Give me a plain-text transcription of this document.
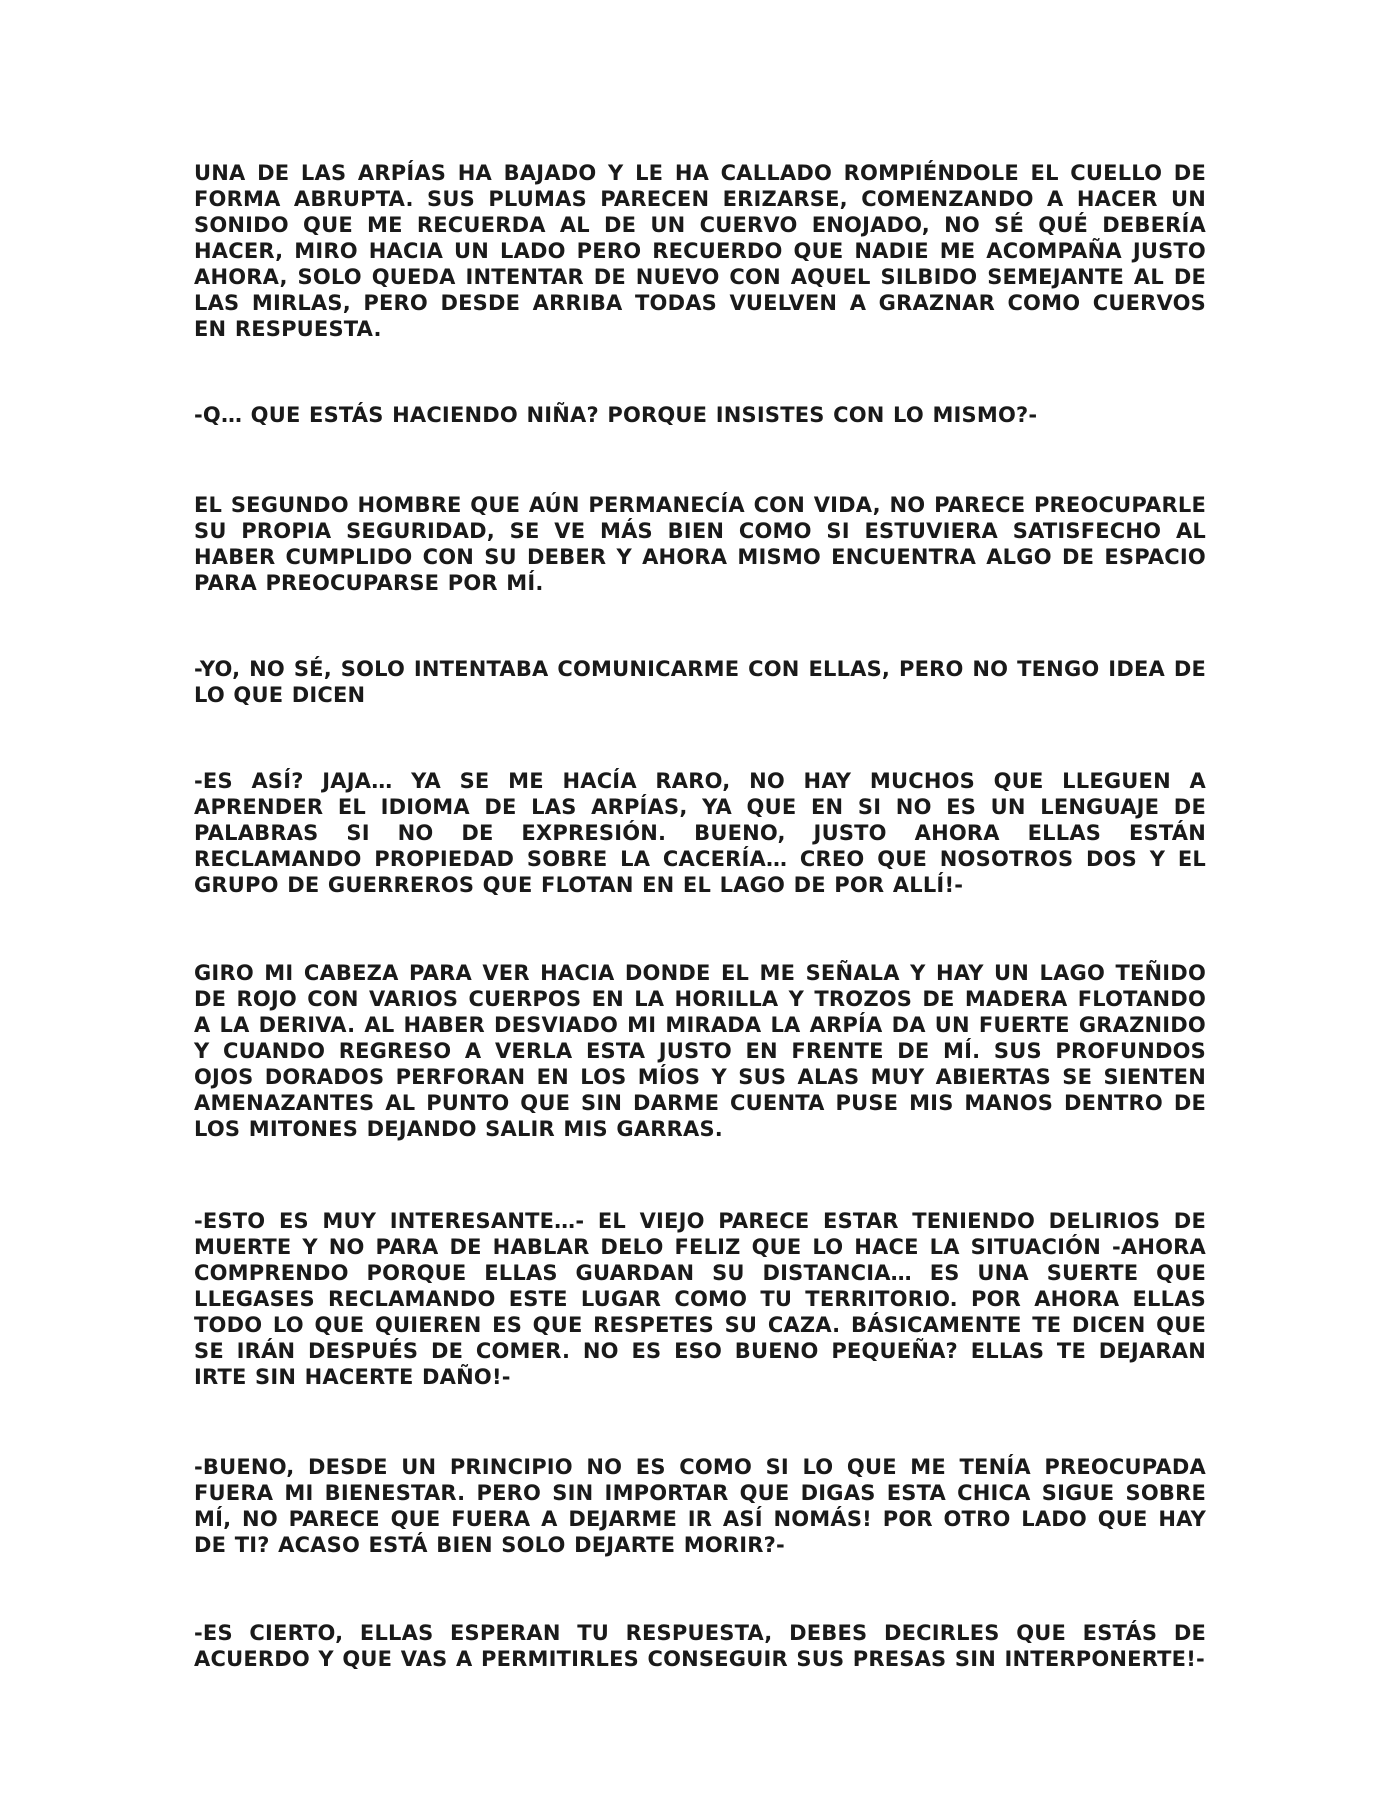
UNA DE LAS ARPÍAS HA BAJADO Y LE HA CALLADO ROMPIÉNDOLE EL CUELLO DE FORMA ABRUPTA. SUS PLUMAS PARECEN ERIZARSE, COMENZANDO A HACER UN SONIDO QUE ME RECUERDA AL DE UN CUERVO ENOJADO, NO SÉ QUÉ DEBERÍA HACER, MIRO HACIA UN LADO PERO RECUERDO QUE NADIE ME ACOMPAÑA JUSTO AHORA, SOLO QUEDA INTENTAR DE NUEVO CON AQUEL SILBIDO SEMEJANTE AL DE LAS MIRLAS, PERO DESDE ARRIBA TODAS VUELVEN A GRAZNAR COMO CUERVOS EN RESPUESTA.

-Q… QUE ESTÁS HACIENDO NIÑA? PORQUE INSISTES CON LO MISMO?-

EL SEGUNDO HOMBRE QUE AÚN PERMANECÍA CON VIDA, NO PARECE PREOCUPARLE SU PROPIA SEGURIDAD, SE VE MÁS BIEN COMO SI ESTUVIERA SATISFECHO AL HABER CUMPLIDO CON SU DEBER Y AHORA MISMO ENCUENTRA ALGO DE ESPACIO PARA PREOCUPARSE POR MÍ.

-YO, NO SÉ, SOLO INTENTABA COMUNICARME CON ELLAS, PERO NO TENGO IDEA DE LO QUE DICEN

-ES ASÍ? JAJA… YA SE ME HACÍA RARO, NO HAY MUCHOS QUE LLEGUEN A APRENDER EL IDIOMA DE LAS ARPÍAS, YA QUE EN SI NO ES UN LENGUAJE DE PALABRAS SI NO DE EXPRESIÓN. BUENO, JUSTO AHORA ELLAS ESTÁN RECLAMANDO PROPIEDAD SOBRE LA CACERÍA… CREO QUE NOSOTROS DOS Y EL GRUPO DE GUERREROS QUE FLOTAN EN EL LAGO DE POR ALLÍ!-

GIRO MI CABEZA PARA VER HACIA DONDE EL ME SEÑALA Y HAY UN LAGO TEÑIDO DE ROJO CON VARIOS CUERPOS EN LA HORILLA Y TROZOS DE MADERA FLOTANDO A LA DERIVA. AL HABER DESVIADO MI MIRADA LA ARPÍA DA UN FUERTE GRAZNIDO Y CUANDO REGRESO A VERLA ESTA JUSTO EN FRENTE DE MÍ. SUS PROFUNDOS OJOS DORADOS PERFORAN EN LOS MÍOS Y SUS ALAS MUY ABIERTAS SE SIENTEN AMENAZANTES AL PUNTO QUE SIN DARME CUENTA PUSE MIS MANOS DENTRO DE LOS MITONES DEJANDO SALIR MIS GARRAS.

-ESTO ES MUY INTERESANTE…- EL VIEJO PARECE ESTAR TENIENDO DELIRIOS DE MUERTE Y NO PARA DE HABLAR DELO FELIZ QUE LO HACE LA SITUACIÓN -AHORA COMPRENDO PORQUE ELLAS GUARDAN SU DISTANCIA… ES UNA SUERTE QUE LLEGASES RECLAMANDO ESTE LUGAR COMO TU TERRITORIO. POR AHORA ELLAS TODO LO QUE QUIEREN ES QUE RESPETES SU CAZA. BÁSICAMENTE TE DICEN QUE SE IRÁN DESPUÉS DE COMER. NO ES ESO BUENO PEQUEÑA? ELLAS TE DEJARAN IRTE SIN HACERTE DAÑO!-

-BUENO, DESDE UN PRINCIPIO NO ES COMO SI LO QUE ME TENÍA PREOCUPADA FUERA MI BIENESTAR. PERO SIN IMPORTAR QUE DIGAS ESTA CHICA SIGUE SOBRE MÍ, NO PARECE QUE FUERA A DEJARME IR ASÍ NOMÁS! POR OTRO LADO QUE HAY DE TI? ACASO ESTÁ BIEN SOLO DEJARTE MORIR?-

-ES CIERTO, ELLAS ESPERAN TU RESPUESTA, DEBES DECIRLES QUE ESTÁS DE ACUERDO Y QUE VAS A PERMITIRLES CONSEGUIR SUS PRESAS SIN INTERPONERTE!-
